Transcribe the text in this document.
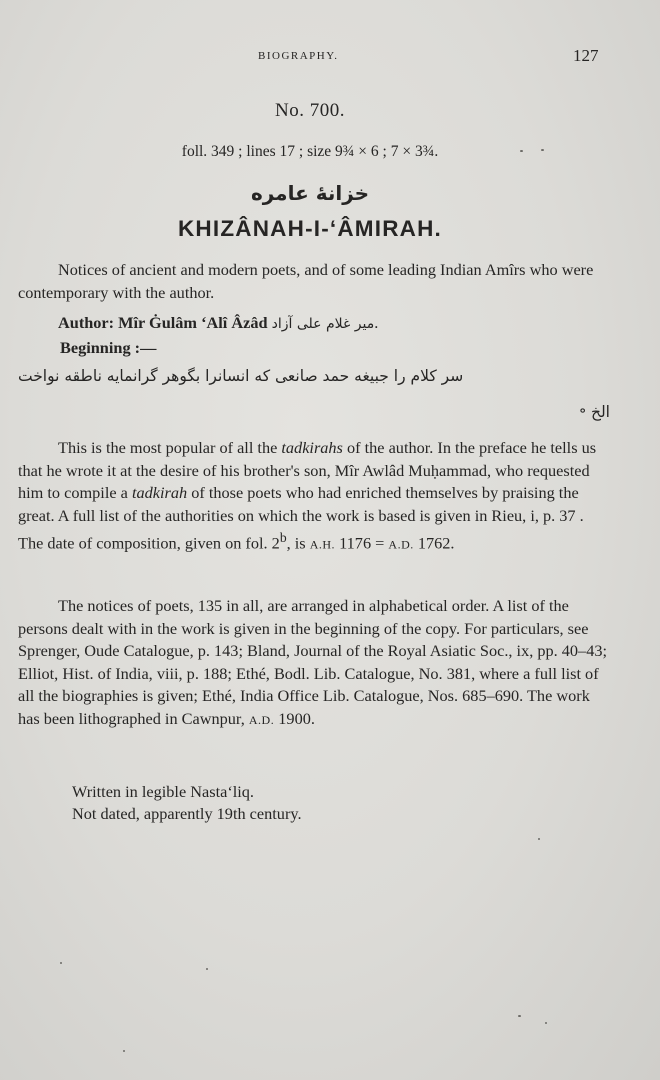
BIOGRAPHY.	127
No. 700.
foll. 349 ; lines 17 ; size 9¾ × 6 ; 7 × 3¾.
خزانهٔ عامره
KHIZÂNAH-I-‘ÂMIRAH.

Notices of ancient and modern poets, and of some leading Indian Amîrs who were contemporary with the author.

Author: Mîr Ġulâm ‘Alî Âzâd میر غلام علی آزاد.
Beginning :—
سر کلام را جبیغه حمد صانعی که انسانرا بگوهر گرانمایه ناطقه نواخت
الخ ॰

This is the most popular of all the tadkirahs of the author. In the preface he tells us that he wrote it at the desire of his brother's son, Mîr Awlâd Muḥammad, who requested him to compile a tadkirah of those poets who had enriched themselves by praising the great. A full list of the authorities on which the work is based is given in Rieu, i, p. 37 . The date of composition, given on fol. 2$^b$, is A.H. 1176 = A.D. 1762.

The notices of poets, 135 in all, are arranged in alphabetical order. A list of the persons dealt with in the work is given in the beginning of the copy. For particulars, see Sprenger, Oude Catalogue, p. 143; Bland, Journal of the Royal Asiatic Soc., ix, pp. 40–43; Elliot, Hist. of India, viii, p. 188; Ethé, Bodl. Lib. Catalogue, No. 381, where a full list of all the biographies is given; Ethé, India Office Lib. Catalogue, Nos. 685–690. The work has been lithographed in Cawnpur, A.D. 1900.

Written in legible Nasta‘liq.
Not dated, apparently 19th century.
